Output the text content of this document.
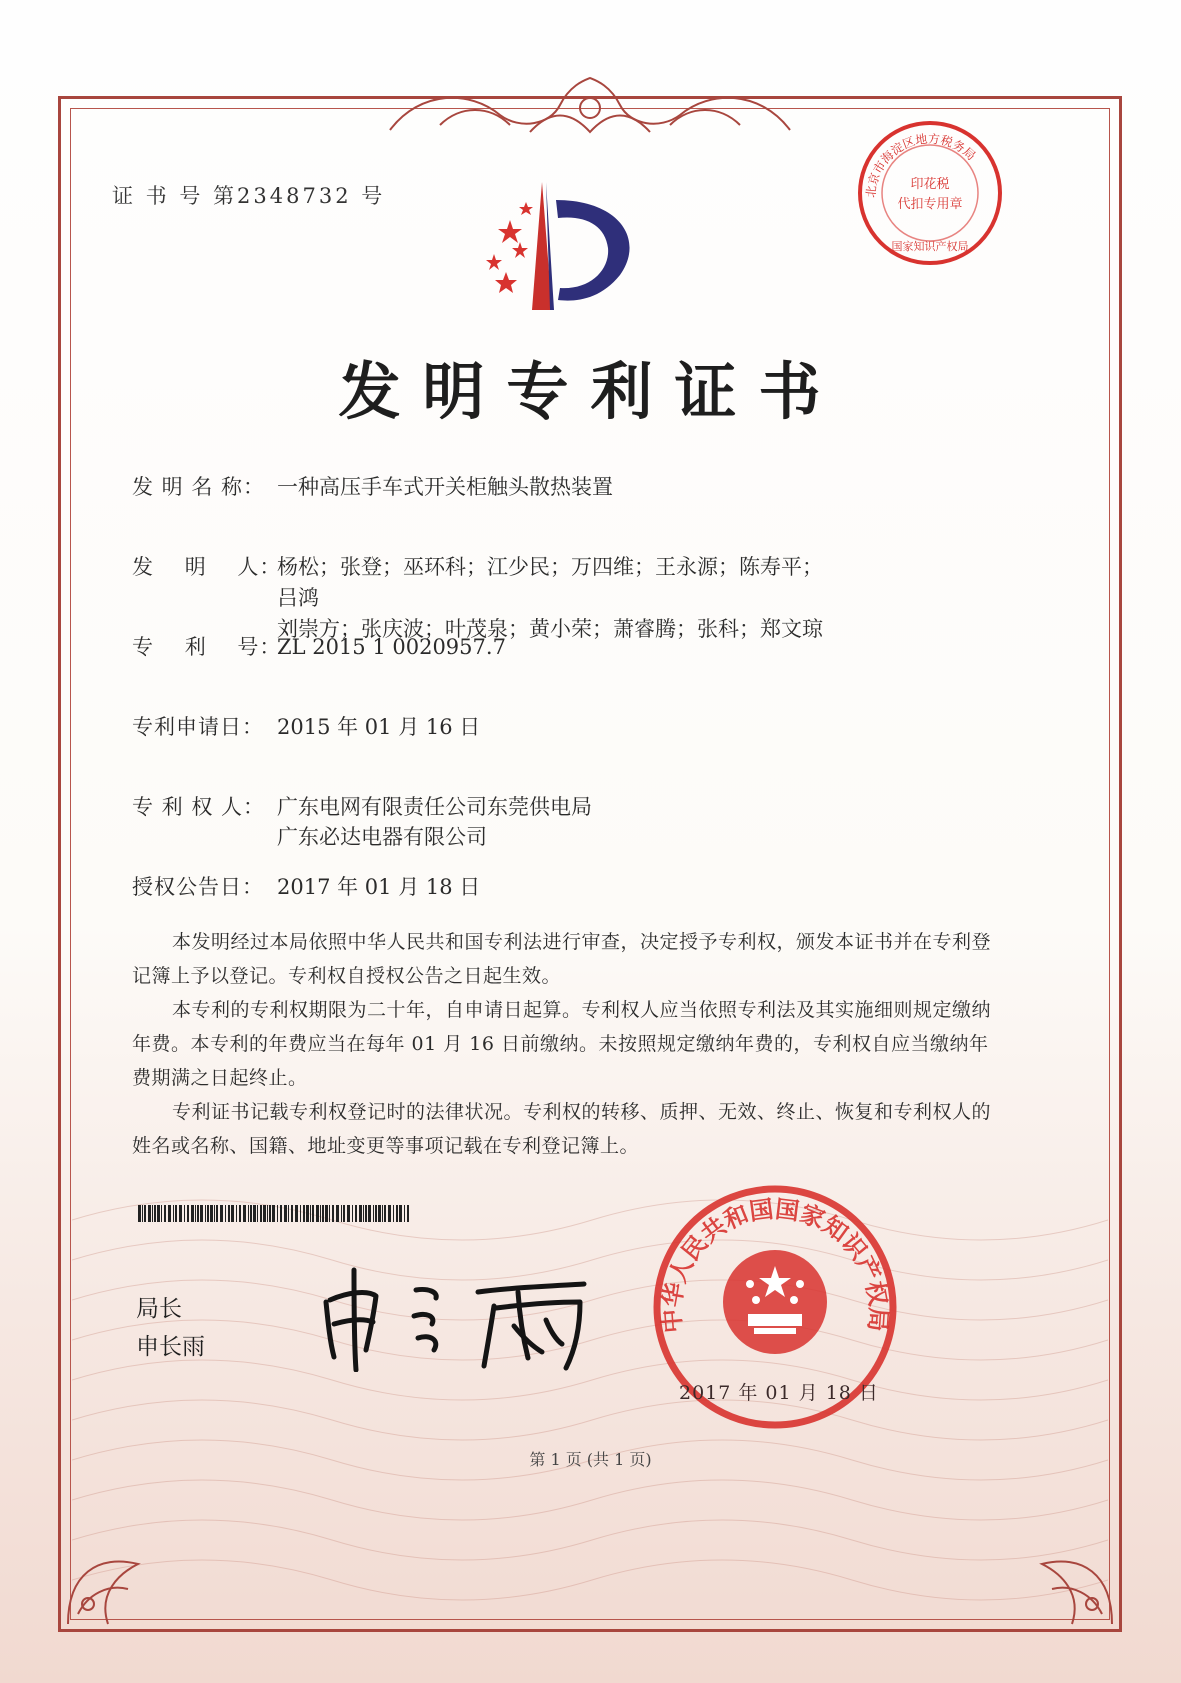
证 书 号 第2348732 号
发明专利证书
发 明 名 称： 一种高压手车式开关柜触头散热装置
发    明    人：
杨松；张登；巫环科；江少民；万四维；王永源；陈寿平；吕鸿
刘崇方；张庆波；叶茂泉；黄小荣；萧睿腾；张科；郑文琼
专    利    号：ZL 2015 1 0020957.7
专利申请日： 2015 年 01 月 16 日
专 利 权 人： 广东电网有限责任公司东莞供电局
广东必达电器有限公司
授权公告日： 2017 年 01 月 18 日
本发明经过本局依照中华人民共和国专利法进行审查，决定授予专利权，颁发本证书并在专利登记簿上予以登记。专利权自授权公告之日起生效。
本专利的专利权期限为二十年，自申请日起算。专利权人应当依照专利法及其实施细则规定缴纳年费。本专利的年费应当在每年 01 月 16 日前缴纳。未按照规定缴纳年费的，专利权自应当缴纳年费期满之日起终止。
专利证书记载专利权登记时的法律状况。专利权的转移、质押、无效、终止、恢复和专利权人的姓名或名称、国籍、地址变更等事项记载在专利登记簿上。
局长
申长雨
北京市海淀区地方税务局
印花税
代扣专用章
国家知识产权局
中华人民共和国国家知识产权局
2017 年 01 月 18 日
第 1 页 (共 1 页)
